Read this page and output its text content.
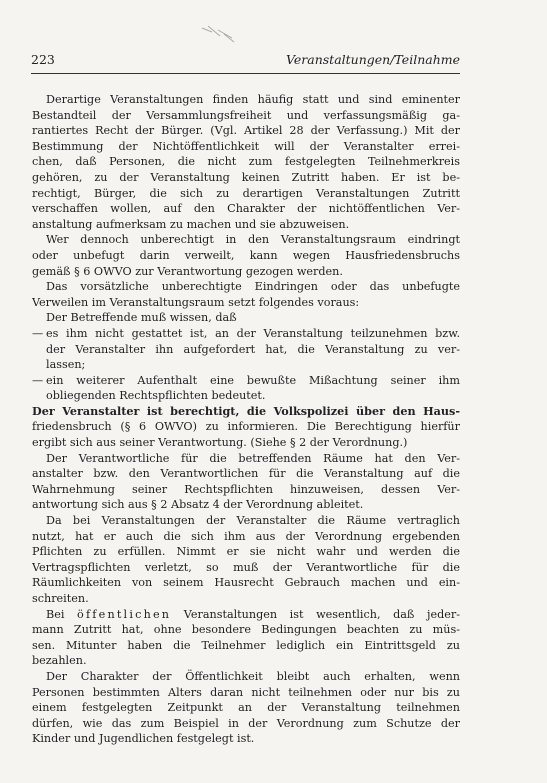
223	Veranstaltungen/Teilnahme
Derartige Veranstaltungen finden häufig statt und sind eminenter
Bestandteil der Versammlungsfreiheit und verfassungsmäßig ga-
rantiertes Recht der Bürger. (Vgl. Artikel 28 der Verfassung.) Mit der
Bestimmung der Nichtöffentlichkeit will der Veranstalter errei-
chen, daß Personen, die nicht zum festgelegten Teilnehmerkreis
gehören, zu der Veranstaltung keinen Zutritt haben. Er ist be-
rechtigt, Bürger, die sich zu derartigen Veranstaltungen Zutritt
verschaffen wollen, auf den Charakter der nichtöffentlichen Ver-
anstaltung aufmerksam zu machen und sie abzuweisen.
Wer dennoch unberechtigt in den Veranstaltungsraum eindringt
oder unbefugt darin verweilt, kann wegen Hausfriedensbruchs
gemäß § 6 OWVO zur Verantwortung gezogen werden.
Das vorsätzliche unberechtigte Eindringen oder das unbefugte
Verweilen im Veranstaltungsraum setzt folgendes voraus:
Der Betreffende muß wissen, daß
— es ihm nicht gestattet ist, an der Veranstaltung teilzunehmen bzw.
der Veranstalter ihn aufgefordert hat, die Veranstaltung zu ver-
lassen;
— ein weiterer Aufenthalt eine bewußte Mißachtung seiner ihm
obliegenden Rechtspflichten bedeutet.
Der Veranstalter ist berechtigt, die Volkspolizei über den Haus-
friedensbruch (§ 6 OWVO) zu informieren. Die Berechtigung hierfür
ergibt sich aus seiner Verantwortung. (Siehe § 2 der Verordnung.)
Der Verantwortliche für die betreffenden Räume hat den Ver-
anstalter bzw. den Verantwortlichen für die Veranstaltung auf die
Wahrnehmung seiner Rechtspflichten hinzuweisen, dessen Ver-
antwortung sich aus § 2 Absatz 4 der Verordnung ableitet.
Da bei Veranstaltungen der Veranstalter die Räume vertraglich
nutzt, hat er auch die sich ihm aus der Verordnung ergebenden
Pflichten zu erfüllen. Nimmt er sie nicht wahr und werden die
Vertragspflichten verletzt, so muß der Verantwortliche für die
Räumlichkeiten von seinem Hausrecht Gebrauch machen und ein-
schreiten.
Bei öffentlichen Veranstaltungen ist wesentlich, daß jeder-
mann Zutritt hat, ohne besondere Bedingungen beachten zu müs-
sen. Mitunter haben die Teilnehmer lediglich ein Eintrittsgeld zu
bezahlen.
Der Charakter der Öffentlichkeit bleibt auch erhalten, wenn
Personen bestimmten Alters daran nicht teilnehmen oder nur bis zu
einem festgelegten Zeitpunkt an der Veranstaltung teilnehmen
dürfen, wie das zum Beispiel in der Verordnung zum Schutze der
Kinder und Jugendlichen festgelegt ist.
